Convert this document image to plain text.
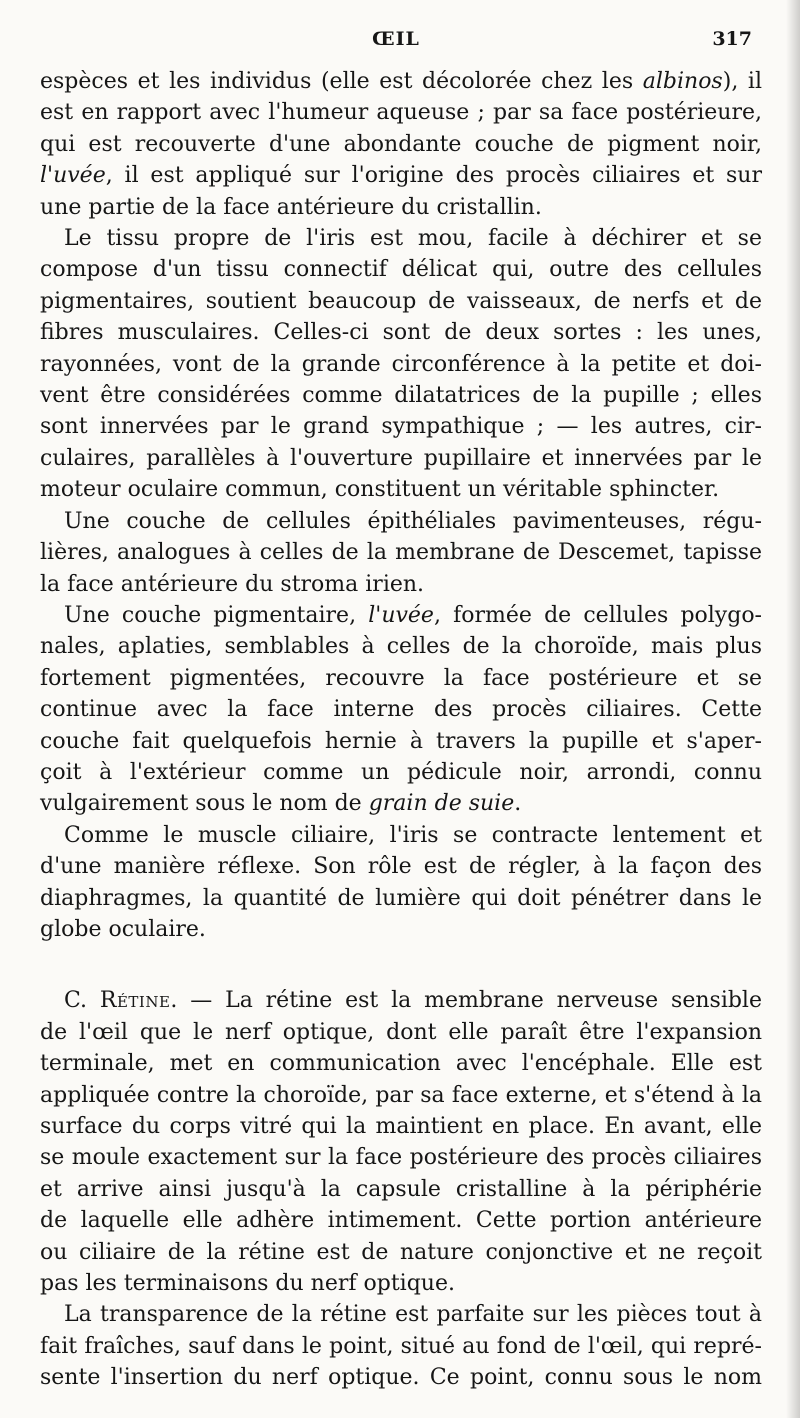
ŒIL	317

espèces et les individus (elle est décolorée chez les albinos), il
est en rapport avec l'humeur aqueuse ; par sa face postérieure,
qui est recouverte d'une abondante couche de pigment noir,
l'uvée, il est appliqué sur l'origine des procès ciliaires et sur
une partie de la face antérieure du cristallin.

Le tissu propre de l'iris est mou, facile à déchirer et se
compose d'un tissu connectif délicat qui, outre des cellules
pigmentaires, soutient beaucoup de vaisseaux, de nerfs et de
fibres musculaires. Celles-ci sont de deux sortes : les unes,
rayonnées, vont de la grande circonférence à la petite et doi-
vent être considérées comme dilatatrices de la pupille ; elles
sont innervées par le grand sympathique ; — les autres, cir-
culaires, parallèles à l'ouverture pupillaire et innervées par le
moteur oculaire commun, constituent un véritable sphincter.

Une couche de cellules épithéliales pavimenteuses, régu-
lières, analogues à celles de la membrane de Descemet, tapisse
la face antérieure du stroma irien.

Une couche pigmentaire, l'uvée, formée de cellules polygo-
nales, aplaties, semblables à celles de la choroïde, mais plus
fortement pigmentées, recouvre la face postérieure et se
continue avec la face interne des procès ciliaires. Cette
couche fait quelquefois hernie à travers la pupille et s'aper-
çoit à l'extérieur comme un pédicule noir, arrondi, connu
vulgairement sous le nom de grain de suie.

Comme le muscle ciliaire, l'iris se contracte lentement et
d'une manière réflexe. Son rôle est de régler, à la façon des
diaphragmes, la quantité de lumière qui doit pénétrer dans le
globe oculaire.

C. Rétine. — La rétine est la membrane nerveuse sensible
de l'œil que le nerf optique, dont elle paraît être l'expansion
terminale, met en communication avec l'encéphale. Elle est
appliquée contre la choroïde, par sa face externe, et s'étend à la
surface du corps vitré qui la maintient en place. En avant, elle
se moule exactement sur la face postérieure des procès ciliaires
et arrive ainsi jusqu'à la capsule cristalline à la périphérie
de laquelle elle adhère intimement. Cette portion antérieure
ou ciliaire de la rétine est de nature conjonctive et ne reçoit
pas les terminaisons du nerf optique.

La transparence de la rétine est parfaite sur les pièces tout à
fait fraîches, sauf dans le point, situé au fond de l'œil, qui repré-
sente l'insertion du nerf optique. Ce point, connu sous le nom
